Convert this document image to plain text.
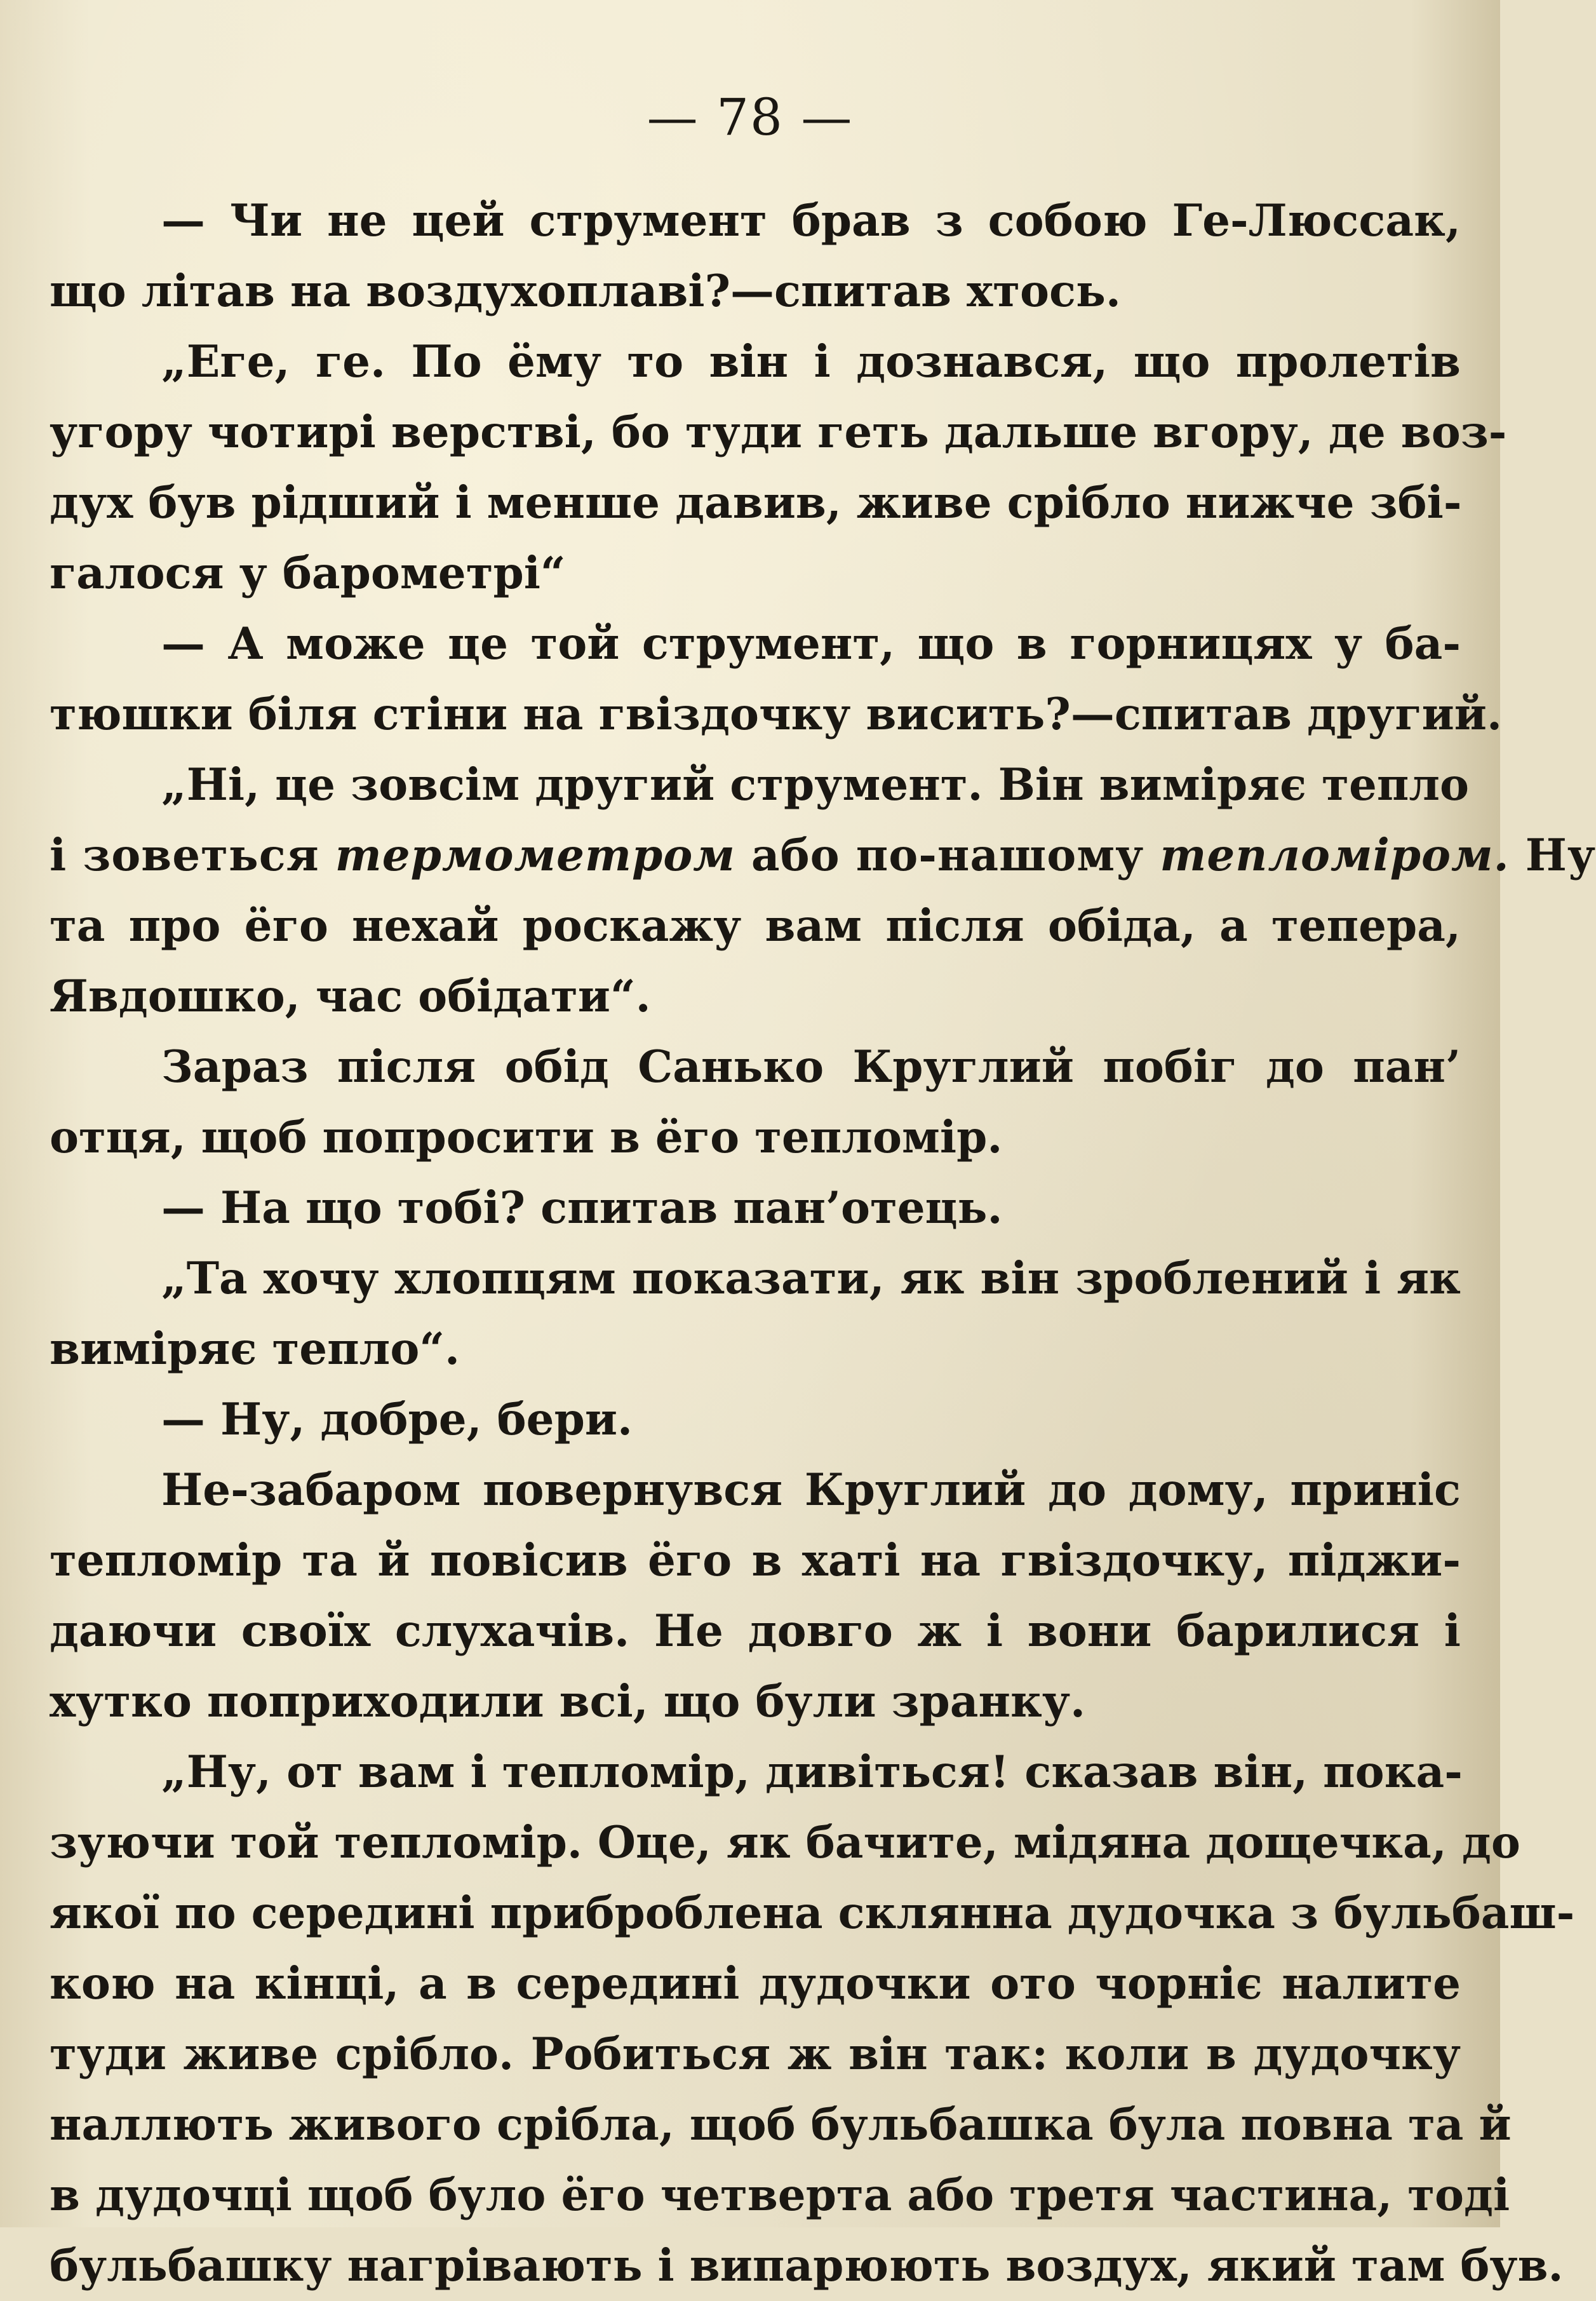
— 78 —
— Чи не цей струмент брав з собою Ге-Люссак,
що літав на воздухоплаві?—спитав хтось.
„Еге, ге. По ёму то він і дознався, що пролетів
угору чотирі верстві, бо туди геть дальше вгору, де воз-
дух був рідший і менше давив, живе срібло нижче збі-
галося у барометрі“
— А може це той струмент, що в горницях у ба-
тюшки біля стіни на гвіздочку висить?—спитав другий.
„Ні, це зовсім другий струмент. Він виміряє тепло
і зоветься термометром або по-нашому тепломіром. Ну
та про ёго нехай роскажу вам після обіда, а тепера,
Явдошко, час обідати“.
Зараз після обід Санько Круглий побіг до пан’
отця, щоб попросити в ёго тепломір.
— На що тобі? спитав пан’отець.
„Та хочу хлопцям показати, як він зроблений і як
виміряє тепло“.
— Ну, добре, бери.
Не-забаром повернувся Круглий до дому, приніс
тепломір та й повісив ёго в хаті на гвіздочку, піджи-
даючи своїх слухачів. Не довго ж і вони барилися і
хутко поприходили всі, що були зранку.
„Ну, от вам і тепломір, дивіться! сказав він, пока-
зуючи той тепломір. Оце, як бачите, мідяна дощечка, до
якої по середині приброблена склянна дудочка з бульбаш-
кою на кінці, а в середині дудочки ото чорніє налите
туди живе срібло. Робиться ж він так: коли в дудочку
наллють живого срібла, щоб бульбашка була повна та й
в дудочці щоб було ёго четверта або третя частина, тоді
бульбашку нагрівають і випарюють воздух, який там був.
